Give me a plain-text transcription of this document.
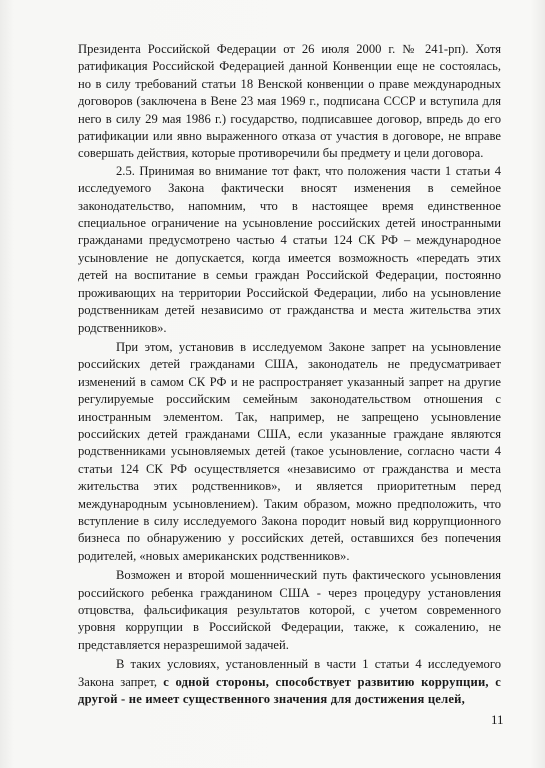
Президента Российской Федерации от 26 июля 2000 г. № 241-рп). Хотя ратификация Российской Федерацией данной Конвенции еще не состоялась, но в силу требований статьи 18 Венской конвенции о праве международных договоров (заключена в Вене 23 мая 1969 г., подписана СССР и вступила для него в силу 29 мая 1986 г.) государство, подписавшее договор, впредь до его ратификации или явно выраженного отказа от участия в договоре, не вправе совершать действия, которые противоречили бы предмету и цели договора.

2.5. Принимая во внимание тот факт, что положения части 1 статьи 4 исследуемого Закона фактически вносят изменения в семейное законодательство, напомним, что в настоящее время единственное специальное ограничение на усыновление российских детей иностранными гражданами предусмотрено частью 4 статьи 124 СК РФ – международное усыновление не допускается, когда имеется возможность «передать этих детей на воспитание в семьи граждан Российской Федерации, постоянно проживающих на территории Российской Федерации, либо на усыновление родственникам детей независимо от гражданства и места жительства этих родственников».

При этом, установив в исследуемом Законе запрет на усыновление российских детей гражданами США, законодатель не предусматривает изменений в самом СК РФ и не распространяет указанный запрет на другие регулируемые российским семейным законодательством отношения с иностранным элементом. Так, например, не запрещено усыновление российских детей гражданами США, если указанные граждане являются родственниками усыновляемых детей (такое усыновление, согласно части 4 статьи 124 СК РФ осуществляется «независимо от гражданства и места жительства этих родственников», и является приоритетным перед международным усыновлением). Таким образом, можно предположить, что вступление в силу исследуемого Закона породит новый вид коррупционного бизнеса по обнаружению у российских детей, оставшихся без попечения родителей, «новых американских родственников».

Возможен и второй мошеннический путь фактического усыновления российского ребенка гражданином США - через процедуру установления отцовства, фальсификация результатов которой, с учетом современного уровня коррупции в Российской Федерации, также, к сожалению, не представляется неразрешимой задачей.

В таких условиях, установленный в части 1 статьи 4 исследуемого Закона запрет, с одной стороны, способствует развитию коррупции, с другой - не имеет существенного значения для достижения целей,

11
